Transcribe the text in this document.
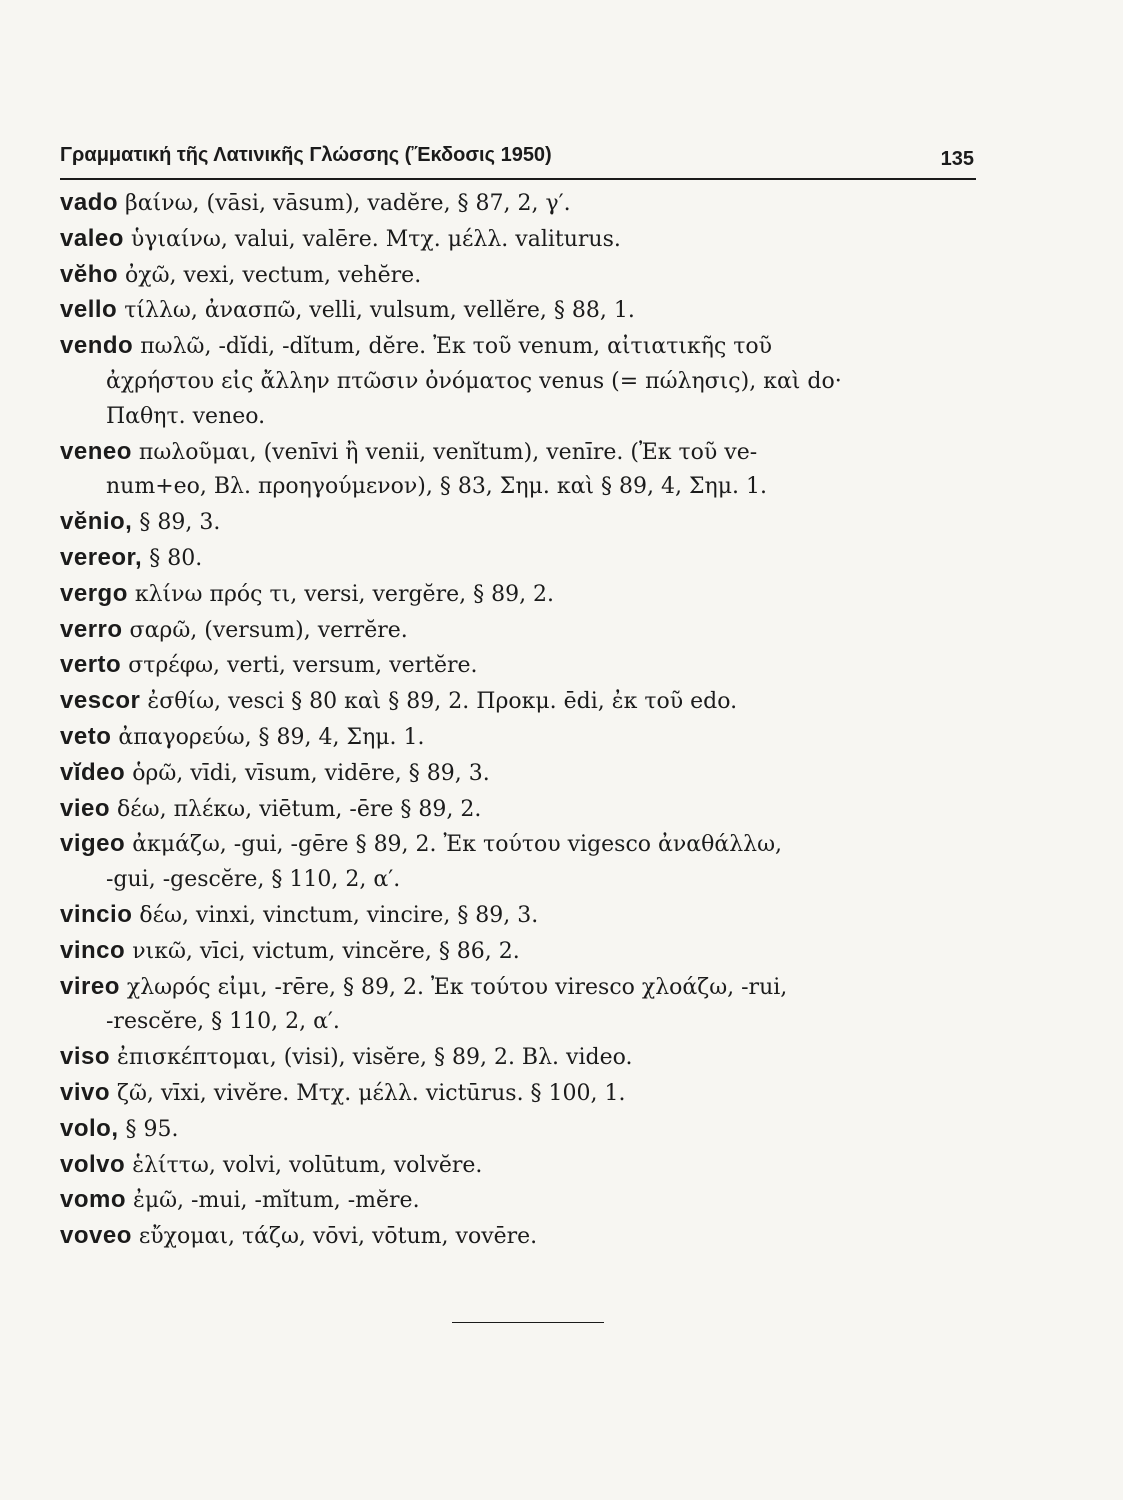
Γραμματική τῆς Λατινικῆς Γλώσσης (Ἔκδοσις 1950)	135

vado βαίνω, (vāsi, vāsum), vadĕre, § 87, 2, γ′.

valeo ὑγιαίνω, valui, valēre. Μτχ. μέλλ. valiturus.

vĕho ὀχῶ, vexi, vectum, vehĕre.

vello τίλλω, ἀνασπῶ, velli, vulsum, vellĕre, § 88, 1.

vendo πωλῶ, -dĭdi, -dĭtum, dĕre. Ἐκ τοῦ venum, αἰτιατικῆς τοῦ
ἀχρήστου εἰς ἄλλην πτῶσιν ὀνόματος venus (= πώλησις), καὶ do·
Παθητ. veneo.

veneo πωλοῦμαι, (venīvi ἢ venii, venĭtum), venīre. (Ἐκ τοῦ ve-
num+eo, Βλ. προηγούμενον), § 83, Σημ. καὶ § 89, 4, Σημ. 1.

vĕnio, § 89, 3.

vereor, § 80.

vergo κλίνω πρός τι, versi, vergĕre, § 89, 2.

verro σαρῶ, (versum), verrĕre.

verto στρέφω, verti, versum, vertĕre.

vescor ἐσθίω, vesci § 80 καὶ § 89, 2. Προκμ. ēdi, ἐκ τοῦ edo.

veto ἀπαγορεύω, § 89, 4, Σημ. 1.

vĭdeo ὁρῶ, vīdi, vīsum, vidēre, § 89, 3.

vieo δέω, πλέκω, viētum, -ēre § 89, 2.

vigeo ἀκμάζω, -gui, -gēre § 89, 2. Ἐκ τούτου vigesco ἀναθάλλω,
-gui, -gescĕre, § 110, 2, α′.

vincio δέω, vinxi, vinctum, vincire, § 89, 3.

vinco νικῶ, vīci, victum, vincĕre, § 86, 2.

vireo χλωρός εἰμι, -rēre, § 89, 2. Ἐκ τούτου viresco χλοάζω, -rui,
-rescĕre, § 110, 2, α′.

viso ἐπισκέπτομαι, (visi), visĕre, § 89, 2. Βλ. video.

vivo ζῶ, vīxi, vivĕre. Μτχ. μέλλ. victūrus. § 100, 1.

volo, § 95.

volvo ἑλίττω, volvi, volūtum, volvĕre.

vomo ἐμῶ, -mui, -mĭtum, -mĕre.

voveo εὔχομαι, τάζω, vōvi, vōtum, vovēre.
